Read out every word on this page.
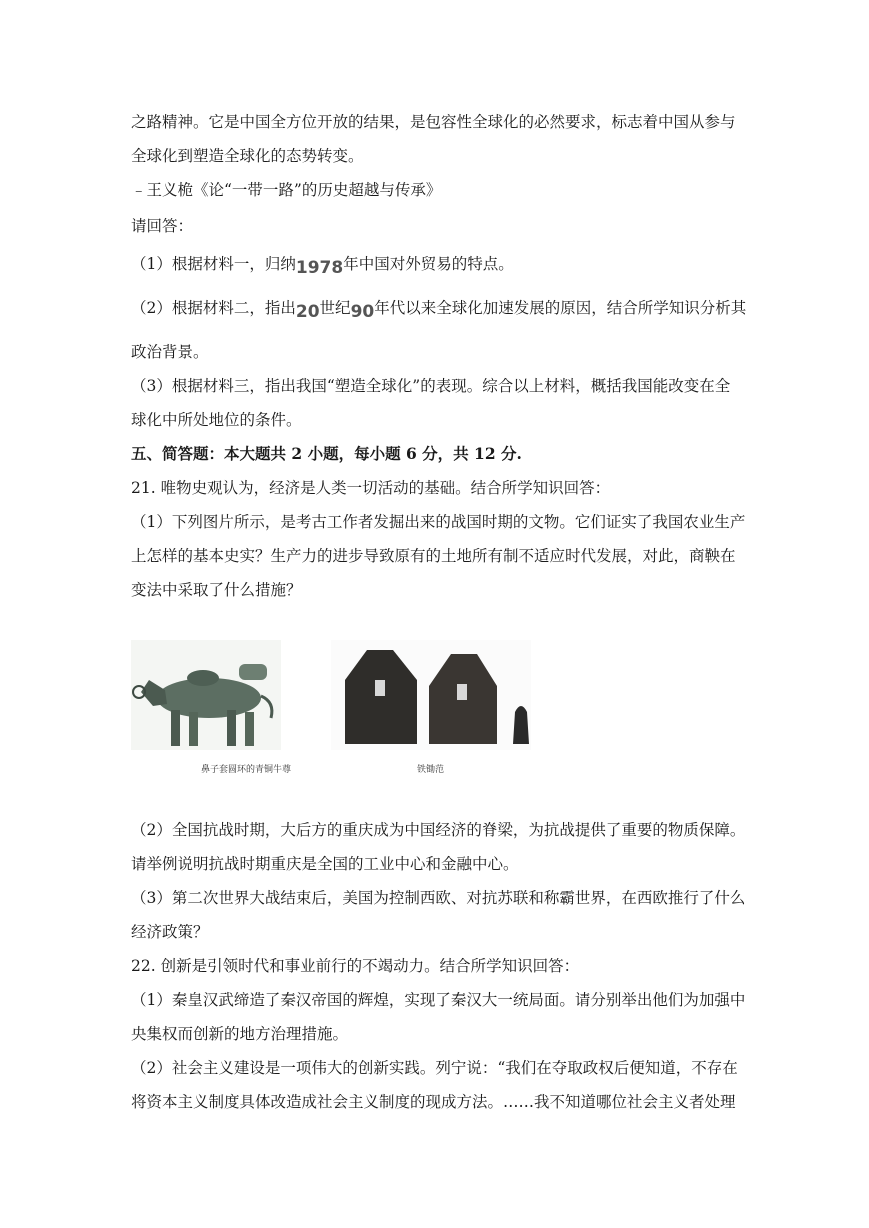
之路精神。它是中国全方位开放的结果，是包容性全球化的必然要求，标志着中国从参与
全球化到塑造全球化的态势转变。
﹣王义桅《论“一带一路”的历史超越与传承》
请回答：
（1）根据材料一，归纳1978年中国对外贸易的特点。
（2）根据材料二，指出20世纪90年代以来全球化加速发展的原因，结合所学知识分析其
政治背景。
（3）根据材料三，指出我国“塑造全球化”的表现。综合以上材料，概括我国能改变在全
球化中所处地位的条件。
五、简答题：本大题共 2 小题，每小题 6 分，共 12 分.
21. 唯物史观认为，经济是人类一切活动的基础。结合所学知识回答：
（1）下列图片所示，是考古工作者发掘出来的战国时期的文物。它们证实了我国农业生产
上怎样的基本史实？生产力的进步导致原有的土地所有制不适应时代发展，对此，商鞅在
变法中采取了什么措施？
鼻子套圆环的青铜牛尊	铁锄范
（2）全国抗战时期，大后方的重庆成为中国经济的脊梁，为抗战提供了重要的物质保障。
请举例说明抗战时期重庆是全国的工业中心和金融中心。
（3）第二次世界大战结束后，美国为控制西欧、对抗苏联和称霸世界，在西欧推行了什么
经济政策？
22. 创新是引领时代和事业前行的不竭动力。结合所学知识回答：
（1）秦皇汉武缔造了秦汉帝国的辉煌，实现了秦汉大一统局面。请分别举出他们为加强中
央集权而创新的地方治理措施。
（2）社会主义建设是一项伟大的创新实践。列宁说：“我们在夺取政权后便知道，不存在
将资本主义制度具体改造成社会主义制度的现成方法。……我不知道哪位社会主义者处理
